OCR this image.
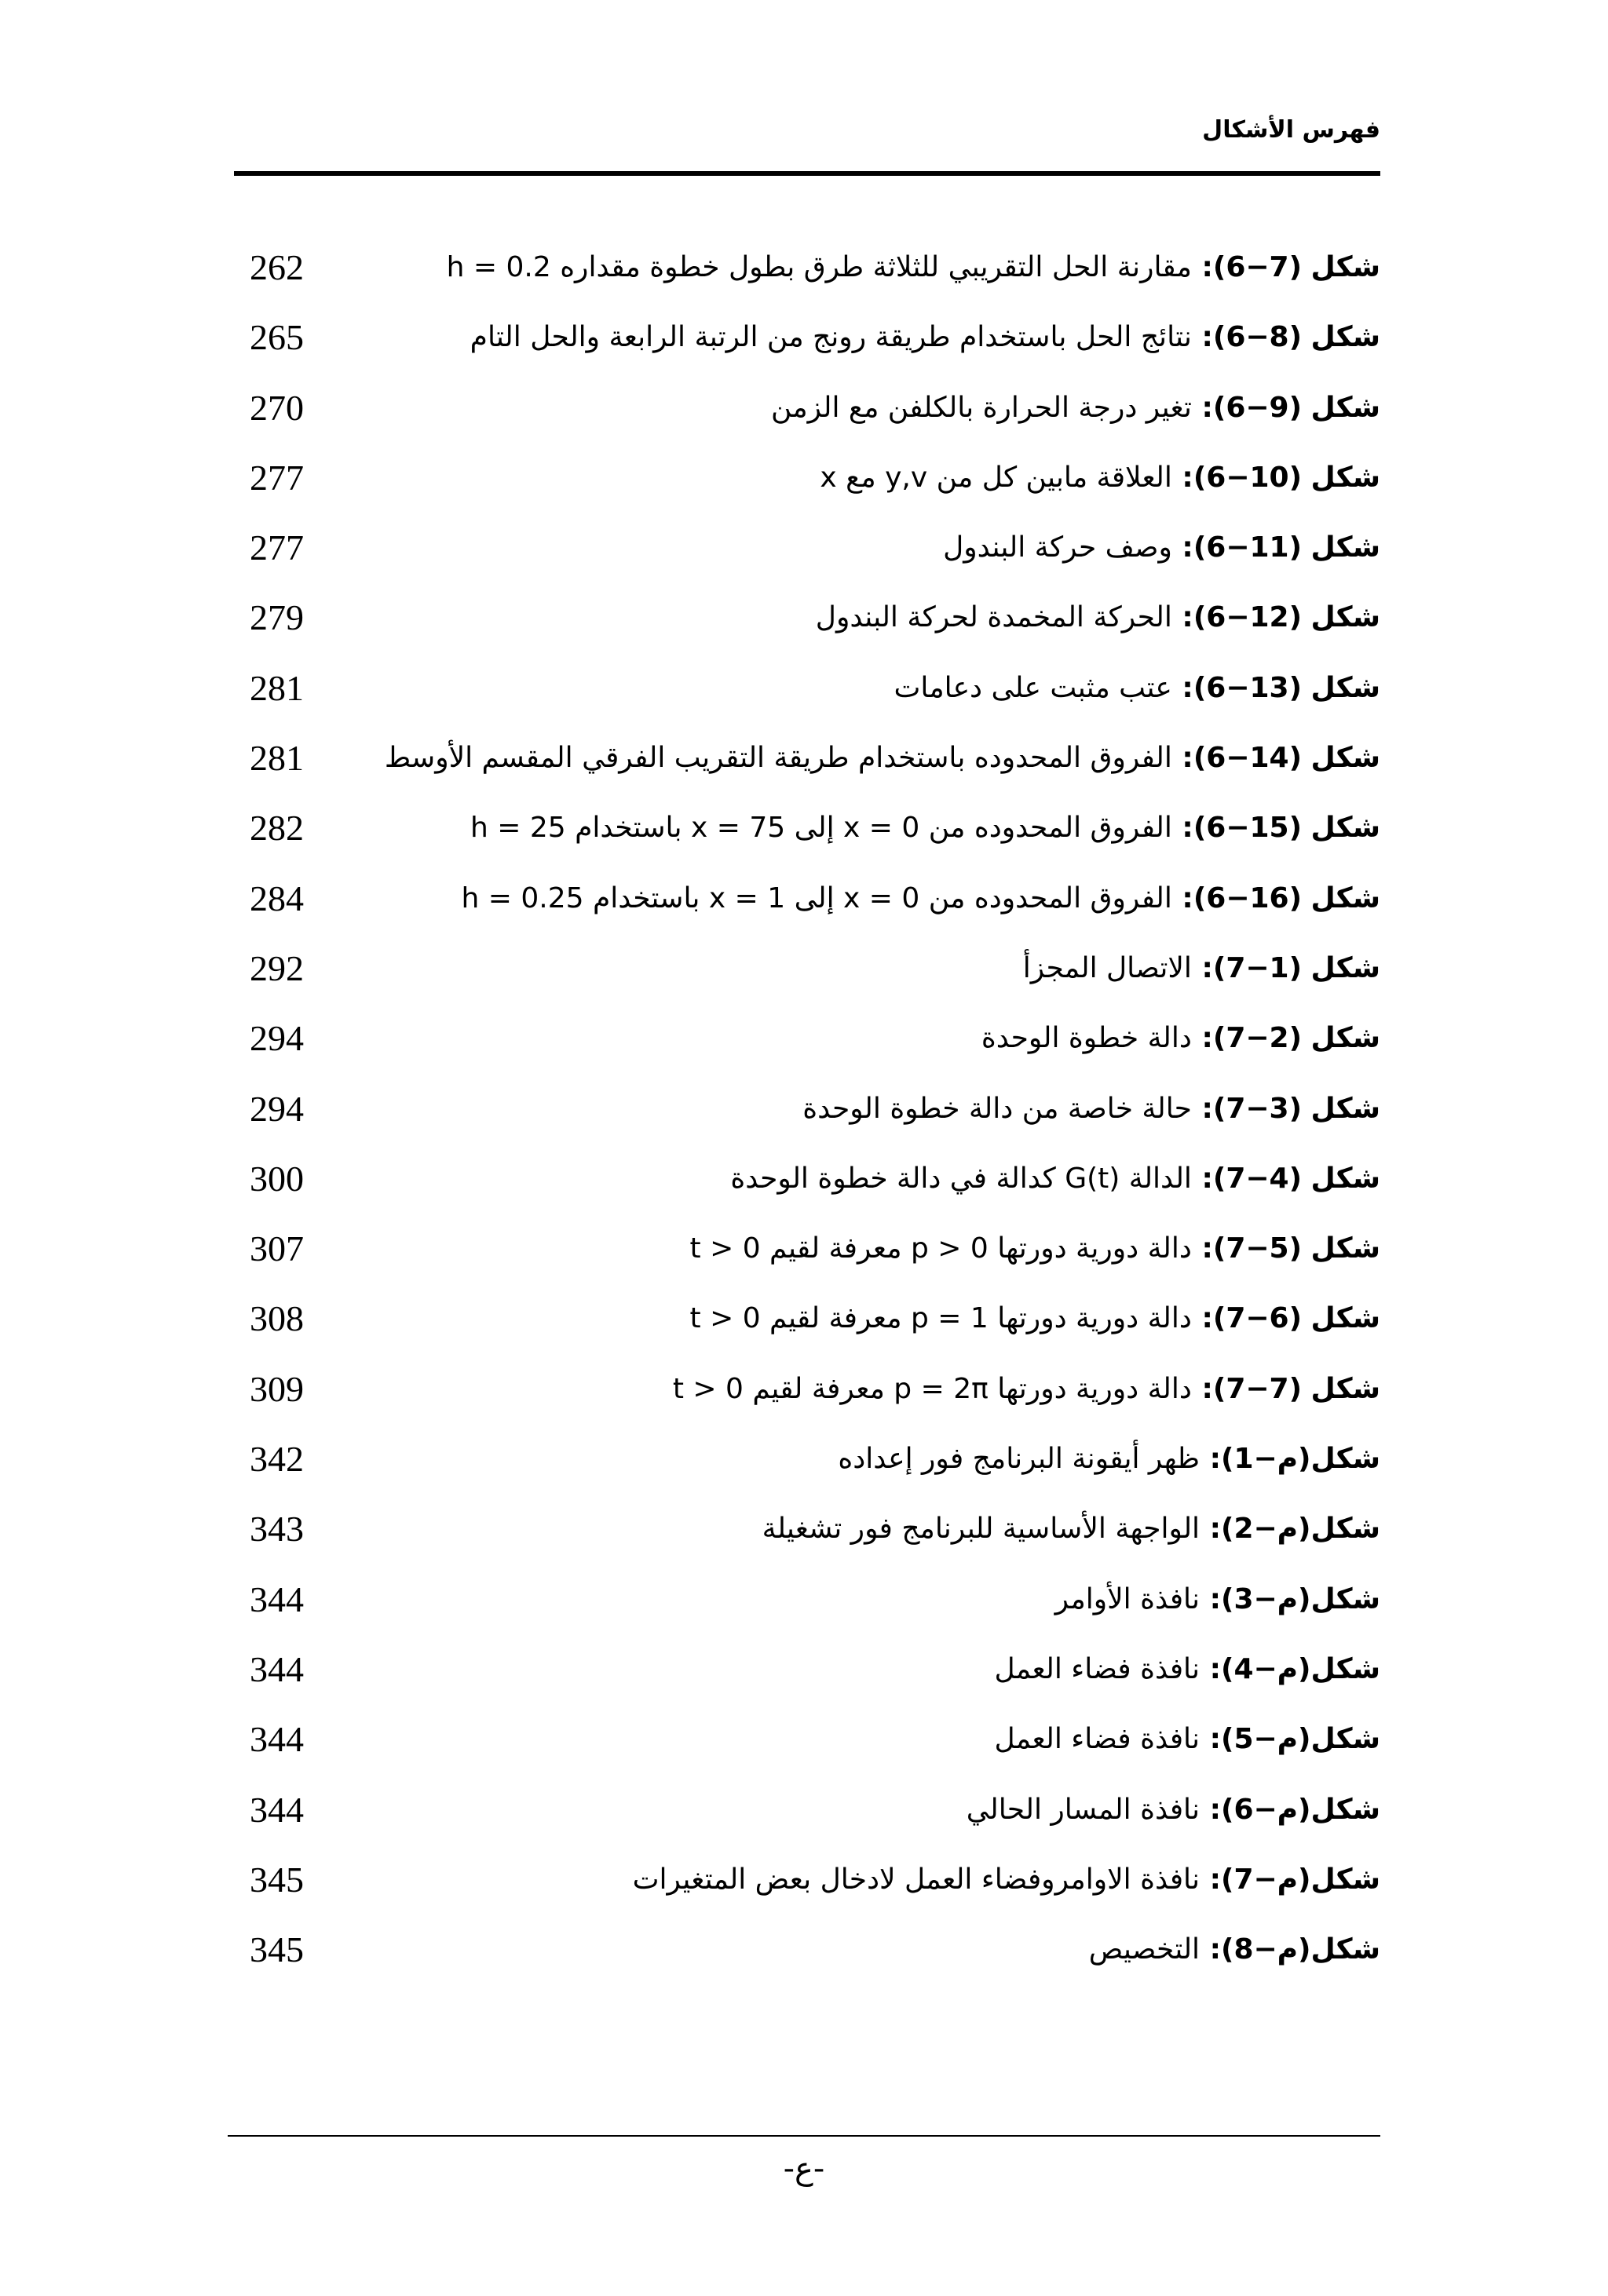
فهرس الأشكال
شكل (7−6): مقارنة الحل التقريبي للثلاثة طرق بطول خطوة مقداره h = 0.2
262
شكل (8−6): نتائج الحل باستخدام طريقة رونج من الرتبة الرابعة والحل التام
265
شكل (9−6): تغير درجة الحرارة بالكلفن مع الزمن
270
شكل (10−6): العلاقة مابين كل من y,v مع x
277
شكل (11−6): وصف حركة البندول
277
شكل (12−6): الحركة المخمدة لحركة البندول
279
شكل (13−6): عتب مثبت على دعامات
281
شكل (14−6): الفروق المحدوده باستخدام طريقة التقريب الفرقي المقسم الأوسط
281
شكل (15−6): الفروق المحدوده من x = 0 إلى x = 75 باستخدام h = 25
282
شكل (16−6): الفروق المحدوده من x = 0 إلى x = 1 باستخدام h = 0.25
284
شكل (1−7): الاتصال المجزأ
292
شكل (2−7): دالة خطوة الوحدة
294
شكل (3−7): حالة خاصة من دالة خطوة الوحدة
294
شكل (4−7): الدالة G(t) كدالة في دالة خطوة الوحدة
300
شكل (5−7): دالة دورية دورتها p > 0 معرفة لقيم t > 0
307
شكل (6−7): دالة دورية دورتها p = 1 معرفة لقيم t > 0
308
شكل (7−7): دالة دورية دورتها p = 2π معرفة لقيم t > 0
309
شكل(م−1): ظهر أيقونة البرنامج فور إعداده
342
شكل(م−2): الواجهة الأساسية للبرنامج فور تشغيلة
343
شكل(م−3): نافذة الأوامر
344
شكل(م−4): نافذة فضاء العمل
344
شكل(م−5): نافذة فضاء العمل
344
شكل(م−6): نافذة المسار الحالي
344
شكل(م−7): نافذة الاوامروفضاء العمل لادخال بعض المتغيرات
345
شكل(م−8): التخصيص
345
-ع-
